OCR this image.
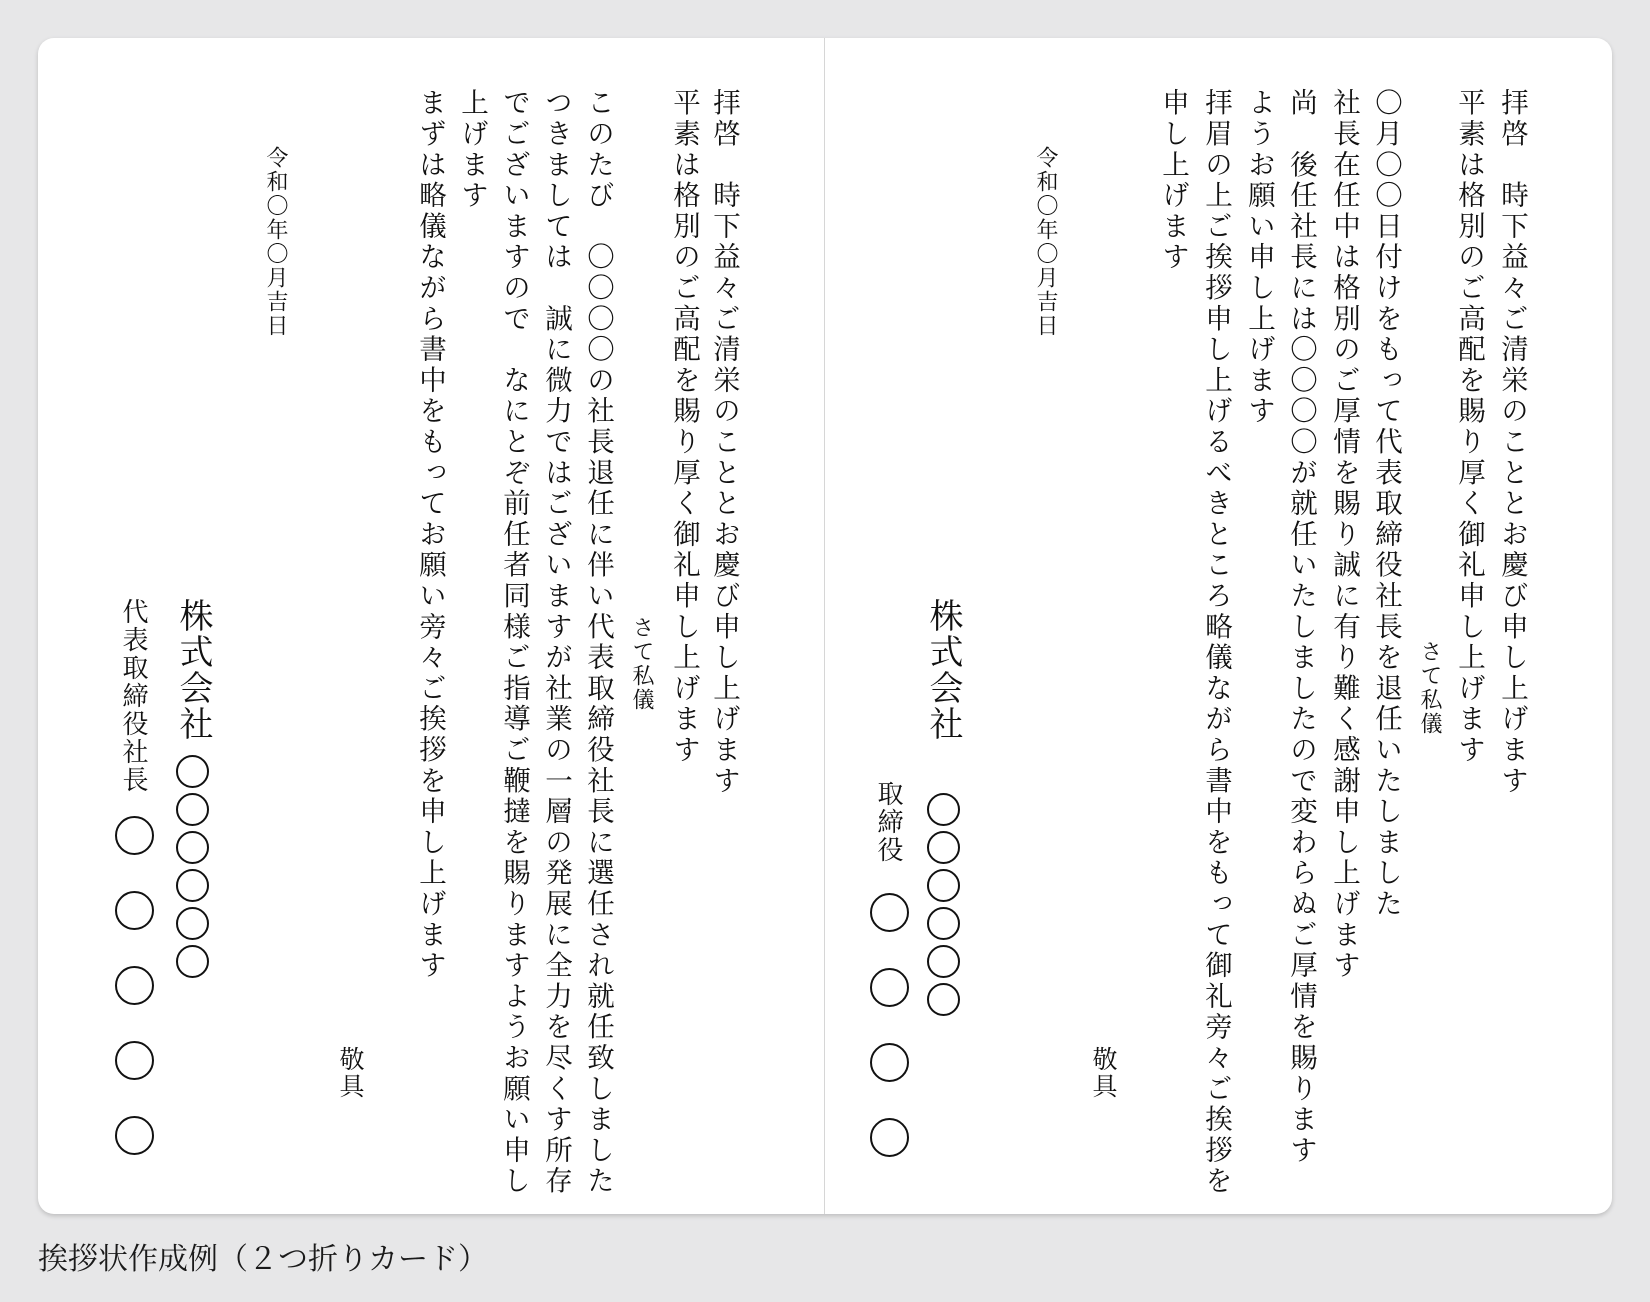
拝啓　時下益々ご清栄のこととお慶び申し上げます

平素は格別のご高配を賜り厚く御礼申し上げます

　　　　　　　　　　　　　　　　　　　　　　さて私儀

このたび　〇〇〇〇の社長退任に伴い代表取締役社長に選任され就任致しました

つきましては　誠に微力ではございますが社業の一層の発展に全力を尽くす所存

でございますので　なにとぞ前任者同様ご指導ご鞭撻を賜りますようお願い申し

上げます

まずは略儀ながら書中をもってお願い旁々ご挨拶を申し上げます

敬具

令和〇年〇月吉日

株式会社

代表取締役社長	拝啓　時下益々ご清栄のこととお慶び申し上げます

平素は格別のご高配を賜り厚く御礼申し上げます

　　　　　　　　　　　　　　　　　　　　　　　さて私儀

〇月〇〇日付けをもって代表取締役社長を退任いたしました

社長在任中は格別のご厚情を賜り誠に有り難く感謝申し上げます

尚　後任社長には〇〇〇〇が就任いたしましたので変わらぬご厚情を賜ります

ようお願い申し上げます

拝眉の上ご挨拶申し上げるべきところ略儀ながら書中をもって御礼旁々ご挨拶を

申し上げます

敬具

令和〇年〇月吉日

株式会社

取締役

挨拶状作成例（２つ折りカード）
